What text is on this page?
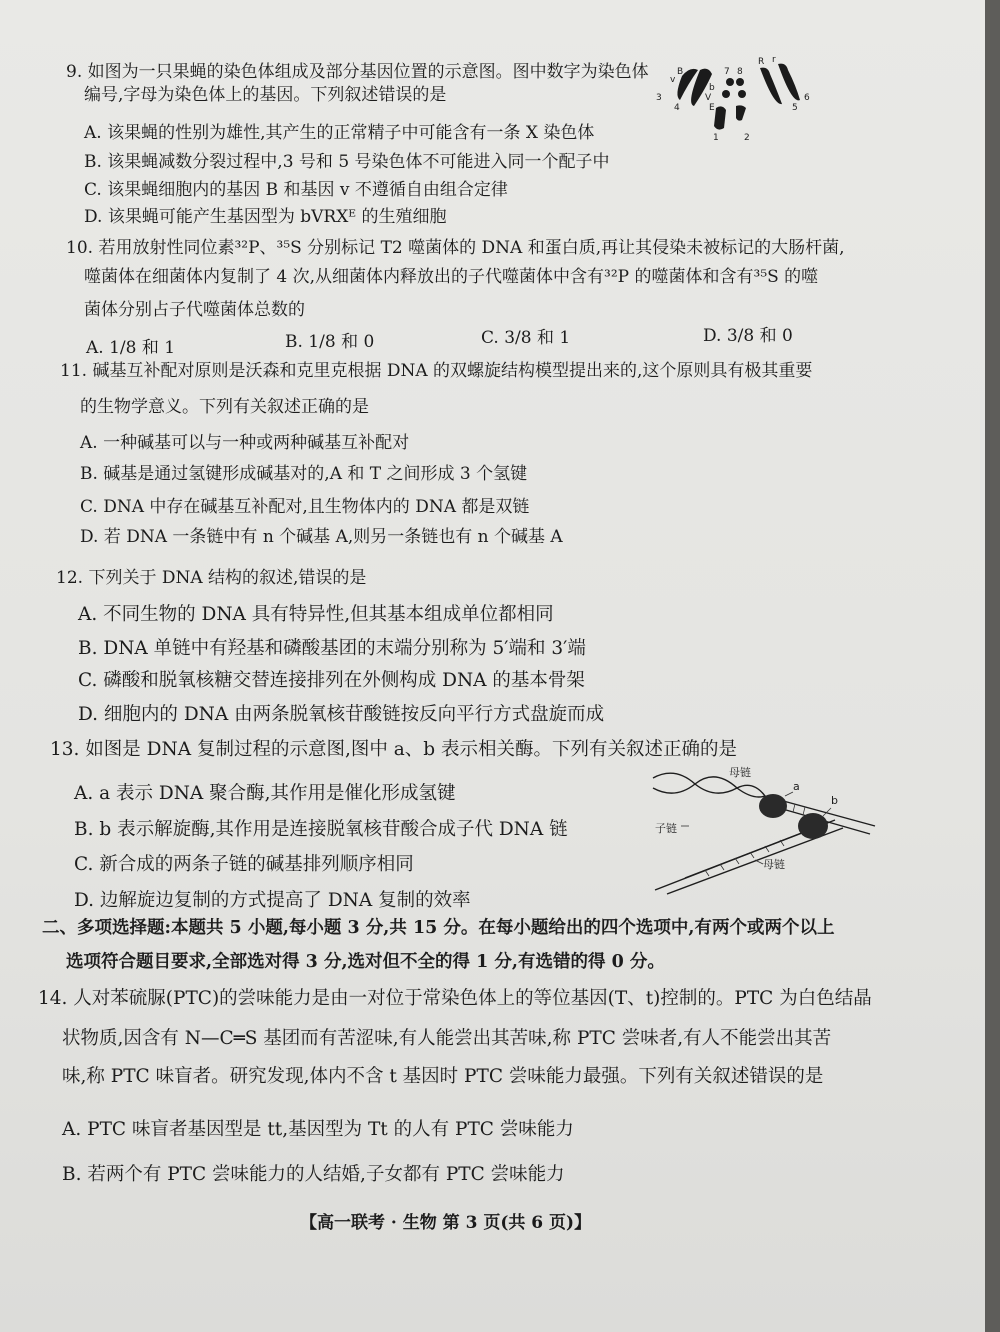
9. 如图为一只果蝇的染色体组成及部分基因位置的示意图。图中数字为染色体
编号,字母为染色体上的基因。下列叙述错误的是
A. 该果蝇的性别为雄性,其产生的正常精子中可能含有一条 X 染色体
B. 该果蝇减数分裂过程中,3 号和 5 号染色体不可能进入同一个配子中
C. 该果蝇细胞内的基因 B 和基因 v 不遵循自由组合定律
D. 该果蝇可能产生基因型为 bVRXᴱ 的生殖细胞
B
v
b
V
E
7 8
R r
3
4	5
6
1	2
10. 若用放射性同位素³²P、³⁵S 分别标记 T2 噬菌体的 DNA 和蛋白质,再让其侵染未被标记的大肠杆菌,
噬菌体在细菌体内复制了 4 次,从细菌体内释放出的子代噬菌体中含有³²P 的噬菌体和含有³⁵S 的噬
菌体分别占子代噬菌体总数的
A. 1/8 和 1	B. 1/8 和 0	C. 3/8 和 1	D. 3/8 和 0
11. 碱基互补配对原则是沃森和克里克根据 DNA 的双螺旋结构模型提出来的,这个原则具有极其重要
的生物学意义。下列有关叙述正确的是
A. 一种碱基可以与一种或两种碱基互补配对
B. 碱基是通过氢键形成碱基对的,A 和 T 之间形成 3 个氢键
C. DNA 中存在碱基互补配对,且生物体内的 DNA 都是双链
D. 若 DNA 一条链中有 n 个碱基 A,则另一条链也有 n 个碱基 A
12. 下列关于 DNA 结构的叙述,错误的是
A. 不同生物的 DNA 具有特异性,但其基本组成单位都相同
B. DNA 单链中有羟基和磷酸基团的末端分别称为 5′端和 3′端
C. 磷酸和脱氧核糖交替连接排列在外侧构成 DNA 的基本骨架
D. 细胞内的 DNA 由两条脱氧核苷酸链按反向平行方式盘旋而成
13. 如图是 DNA 复制过程的示意图,图中 a、b 表示相关酶。下列有关叙述正确的是
A. a 表示 DNA 聚合酶,其作用是催化形成氢键
B. b 表示解旋酶,其作用是连接脱氧核苷酸合成子代 DNA 链
C. 新合成的两条子链的碱基排列顺序相同
D. 边解旋边复制的方式提高了 DNA 复制的效率
母链
a
b
子链
母链
二、多项选择题:本题共 5 小题,每小题 3 分,共 15 分。在每小题给出的四个选项中,有两个或两个以上
选项符合题目要求,全部选对得 3 分,选对但不全的得 1 分,有选错的得 0 分。
14. 人对苯硫脲(PTC)的尝味能力是由一对位于常染色体上的等位基因(T、t)控制的。PTC 为白色结晶
状物质,因含有 N—C═S 基团而有苦涩味,有人能尝出其苦味,称 PTC 尝味者,有人不能尝出其苦
味,称 PTC 味盲者。研究发现,体内不含 t 基因时 PTC 尝味能力最强。下列有关叙述错误的是
A. PTC 味盲者基因型是 tt,基因型为 Tt 的人有 PTC 尝味能力
B. 若两个有 PTC 尝味能力的人结婚,子女都有 PTC 尝味能力
【高一联考 · 生物 第 3 页(共 6 页)】
